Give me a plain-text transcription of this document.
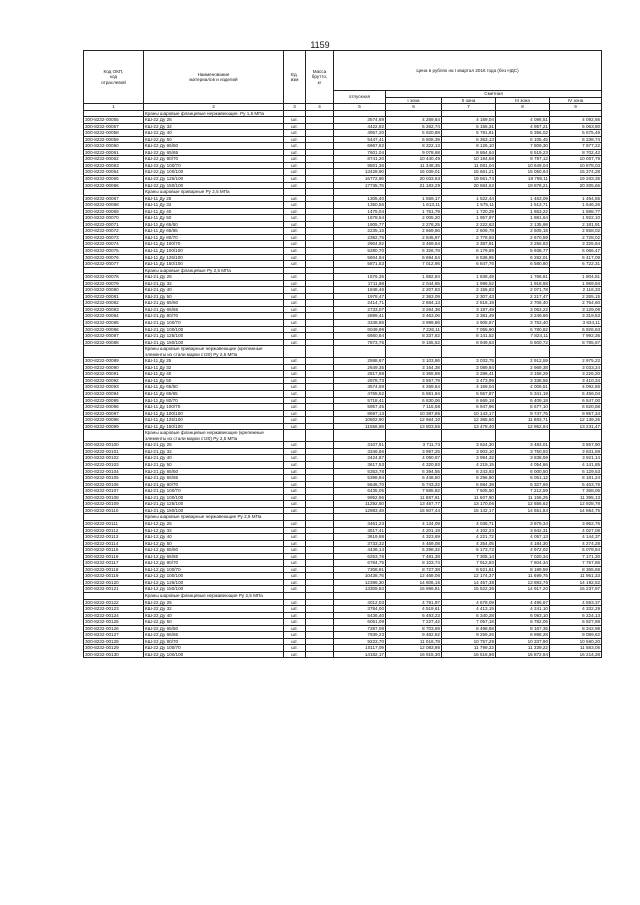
1159
Код ОКП,
код
отраслевой	Наименование
материалов и изделий	Ед.
изм	Масса
брутто,
кг	Цена в рублях на I квартал 2016 года (без НДС)				
				отпускная	Сметная			
					I зона	II зона	III зона	IV зона
1	2	3	4	5	6	7	8	9
	Краны шаровые фланцевые нержавеющие. Ру 1,6 МПа							
300-8232-00055	КШ-22 Ду 25	шт.		3574,69	4 269,64	4 169,04	4 096,51	4 092,66
300-8232-00057	КШ-22 Ду 32	шт.		4422,92	5 262,74	5 155,31	4 957,21	5 063,80
300-8232-00058	КШ-22 Ду 40	шт.		4957,20	5 920,88	5 781,61	5 356,02	5 675,49
300-8232-00059	КШ-22 Ду 50	шт.		5447,41	6 508,39	6 353,13	6 105,45	6 238,74
300-8232-00060	КШ-22 Ду 65/50	шт.		6967,62	8 322,13	8 126,10	7 809,30	7 977,22
300-8232-00061	КШ-22 Ду 65/65	шт.		7601,04	9 078,68	8 864,64	8 519,23	8 702,42
300-8232-00062	КШ-22 Ду 80/70	шт.		8741,20	10 440,49	10 194,58	9 797,12	10 007,79
300-8232-00063	КШ-22 Ду 100/70	шт.		9501,36	11 348,35	11 081,04	10 649,04	10 878,03
300-8232-00064	КШ-22 Ду 100/100	шт.		13428,90	16 039,01	15 661,21	15 050,64	15 374,28
300-8232-00065	КШ-22 Ду 125/100	шт.		16772,96	20 033,63	19 561,74	18 799,11	19 203,35
300-8232-00066	КШ-22 Ду 150/100	шт.		17735,76	21 183,29	20 684,62	19 878,21	20 305,66
	Краны шаровые приварные Ру 2,5 МПа							
300-8232-00067	КШ-11 Ду 25	шт.		1305,40	1 559,17	1 522,44	1 463,09	1 494,55
300-8232-00068	КШ-11 Ду 32	шт.		1350,56	1 613,11	1 575,11	1 513,71	1 546,26
300-8232-00069	КШ-11 Ду 40	шт.		1475,04	1 761,79	1 720,29	1 653,22	1 688,77
300-8232-00070	КШ-11 Ду 50	шт.		1678,54	2 005,20	1 957,97	1 881,64	1 922,10
300-8232-00071	КШ-11 Ду 65/50	шт.		1905,77	2 276,25	2 222,63	2 135,98	2 181,91
300-8232-00072	КШ-11 Ду 65/65	шт.		2235,15	2 669,66	2 606,78	2 505,15	2 558,02
300-8232-00073	КШ-11 Ду 80/70	шт.		2382,76	2 845,97	2 778,93	2 670,59	2 728,02
300-8232-00074	КШ-11 Ду 100/70	шт.		2904,92	3 469,64	3 387,91	3 255,83	3 325,84
300-8232-00075	КШ-11 Ду 100/100	шт.		5280,70	6 326,78	6 179,69	5 938,77	6 066,47
300-8232-00076	КШ-11 Ду 125/100	шт.		5604,94	6 694,54	6 536,85	6 282,01	6 417,09
300-8232-00077	КШ-11 Ду 150/100	шт.		5871,53	7 012,95	6 847,76	6 580,80	6 722,31
	Краны шаровые фланцевые Ру 2,5 МПа							
300-8232-00078	КШ-21 Ду 25	шт.		1576,35	1 882,84	1 838,49	1 766,81	1 804,81
300-8232-00079	КШ-21 Ду 32	шт.		1711,98	2 044,85	1 996,52	1 918,68	1 959,94
300-8232-00080	КШ-21 Ду 40	шт.		1848,46	2 207,83	2 155,83	2 071,78	2 116,33
300-8232-00081	КШ-21 Ду 50	шт.		1978,47	2 363,09	2 307,43	2 217,47	2 265,15
300-8232-00082	КШ-21 Ду 65/50	шт.		2414,71	2 884,13	2 816,19	2 706,40	2 764,60
300-8232-00083	КШ-21 Ду 65/65	шт.		2733,07	3 264,38	3 187,49	3 063,22	3 129,09
300-8232-00084	КШ-21 Ду 80/70	шт.		2899,41	3 463,06	3 381,49	3 249,66	3 319,53
300-8232-00085	КШ-21 Ду 100/70	шт.		3348,86	3 999,86	3 905,67	3 753,40	3 834,11
300-8232-00086	КШ-21 Ду 100/100	шт.		6049,99	7 226,11	7 055,90	6 780,82	6 926,63
300-8232-00087	КШ-21 Ду 125/100	шт.		6860,84	8 337,82	8 141,52	7 824,11	7 992,36
300-8232-00088	КШ-21 Ду 150/100	шт.		7873,75	9 165,52	8 949,63	8 600,72	8 785,67
	Краны шаровые приварные нержавеющие (крепежные элементы из стали марки ст20) Ру 2,5 МПа							
300-8232-00089	КШ-11 Ду 25	шт.		2588,67	3 103,86	3 033,75	2 912,59	2 975,22
300-8232-00090	КШ-11 Ду 32	шт.		2649,35	3 164,38	3 089,84	2 969,38	3 033,24
300-8232-00091	КШ-11 Ду 40	шт.		2817,69	3 365,89	3 286,41	3 158,29	3 226,20
300-8232-00092	КШ-11 Ду 50	шт.		2978,73	3 557,79	3 473,99	3 338,55	3 410,34
300-8232-00093	КШ-11 Ду 65/50	шт.		3574,69	4 269,64	4 169,04	4 006,51	4 092,66
300-8232-00094	КШ-11 Ду 65/65	шт.		4765,52	5 691,94	5 557,87	5 341,19	5 456,04
300-8232-00095	КШ-11 Ду 80/70	шт.		5718,41	6 830,06	6 669,18	6 409,18	6 547,00
300-8232-00096	КШ-11 Ду 100/70	шт.		5957,45	7 115,58	6 947,96	6 677,10	6 820,68
300-8232-00097	КШ-11 Ду 100/100	шт.		8697,13	10 387,86	10 143,17	9 747,75	9 957,34
300-8232-00098	КШ-11 Ду 125/100	шт.		10602,90	12 664,10	12 365,80	11 883,71	12 139,25
300-8232-00099	КШ-11 Ду 150/100	шт.		11556,88	13 803,55	13 478,40	12 952,94	13 231,47
	Краны шаровые фланцевые нержавеющие (крепежные элементы из стали марки ст20) Ру 2,5 МПа							
300-8232-00100	КШ-21 Ду 25	шт.		3107,61	3 711,73	3 624,30	3 483,01	3 557,90
300-8232-00101	КШ-21 Ду 32	шт.		3346,66	3 997,25	3 903,10	3 750,93	3 831,59
300-8232-00102	КШ-21 Ду 40	шт.		3424,87	4 090,67	3 994,32	3 838,59	3 921,14
300-8232-00103	КШ-21 Ду 50	шт.		3617,53	4 320,93	4 219,15	4 054,66	4 141,85
300-8232-00104	КШ-21 Ду 65/50	шт.		5353,78	6 394,55	6 243,93	6 000,50	6 129,53
300-8232-00105	КШ-21 Ду 65/65	шт.		5398,94	6 448,50	6 296,60	6 051,12	6 181,24
300-8232-00106	КШ-21 Ду 80/70	шт.		5645,70	6 743,22	6 584,39	6 327,69	6 463,76
300-8232-00107	КШ-21 Ду 100/70	шт.		6435,05	7 685,82	7 505,50	7 212,59	7 368,05
300-8232-00108	КШ-21 Ду 100/100	шт.		9952,96	11 887,81	11 607,80	11 155,25	11 395,13
300-8232-00109	КШ-21 Ду 125/100	шт.		11292,50	13 487,77	13 170,06	12 656,62	12 928,78
300-8232-00110	КШ-21 Ду 150/100	шт.		12983,48	15 507,44	15 142,17	14 551,84	14 864,75
	Краны шаровые приварные нержавеющие Ру 2,5 МПа							
300-8232-00111	КШ-12 Ду 25	шт.		3461,23	4 134,09	4 036,71	3 879,34	3 962,76
300-8232-00112	КШ-12 Ду 32	шт.		3517,41	4 201,19	4 102,23	3 942,31	4 027,08
300-8232-00113	КШ-12 Ду 40	шт.		3619,98	4 323,69	4 221,72	4 057,13	4 144,37
300-8232-00114	КШ-12 Ду 50	шт.		3733,32	4 459,08	4 354,05	4 184,30	4 274,28
300-8232-00115	КШ-12 Ду 65/50	шт.		4438,14	5 298,32	5 173,72	4 972,02	5 078,94
300-8232-00116	КШ-12 Ду 65/65	шт.		6263,76	7 481,38	7 305,14	7 020,34	7 171,30
300-8232-00117	КШ-12 Ду 80/70	шт.		6784,75	8 103,74	7 912,83	7 604,34	7 767,86
300-8232-00118	КШ-12 Ду 100/70	шт.		7308,91	8 727,38	8 521,81	8 189,59	8 365,68
300-8232-00119	КШ-12 Ду 100/100	шт.		10438,76	12 468,06	12 174,37	11 699,75	11 951,33
300-8232-00120	КШ-12 Ду 125/100	шт.		12396,30	14 806,15	14 457,38	13 893,76	14 192,52
300-8232-00121	КШ-12 Ду 150/100	шт.		13309,53	15 896,81	15 522,36	14 917,20	15 237,97
	Краны шаровые фланцевые нержавеющие Ру 2,5 МПа							
300-8232-00122	КШ-22 Ду 25	шт.		4012,03	4 791,97	4 678,09	4 496,67	4 593,37
300-8232-00123	КШ-22 Ду 32	шт.		3784,00	4 519,61	4 413,15	4 241,10	4 332,29
300-8232-00124	КШ-22 Ду 40	шт.		5436,40	6 493,23	6 340,28	6 093,10	6 224,13
300-8232-00125	КШ-22 Ду 50	шт.		6051,09	7 227,42	7 057,18	6 782,05	6 927,89
300-8232-00126	КШ-22 Ду 65/50	шт.		7287,08	8 703,69	8 498,68	8 167,35	8 342,98
300-8232-00127	КШ-22 Ду 65/65	шт.		7939,23	9 482,62	9 259,26	8 898,28	9 089,62
300-8232-00128	КШ-22 Ду 80/70	шт.		9223,70	11 016,78	10 757,29	10 337,90	10 560,20
300-8232-00129	КШ-22 Ду 100/70	шт.		10117,09	12 083,86	11 799,22	11 339,22	11 583,05
300-8232-00130	КШ-22 Ду 100/100	шт.		14182,17	16 915,30	16 516,86	15 872,94	16 214,26
